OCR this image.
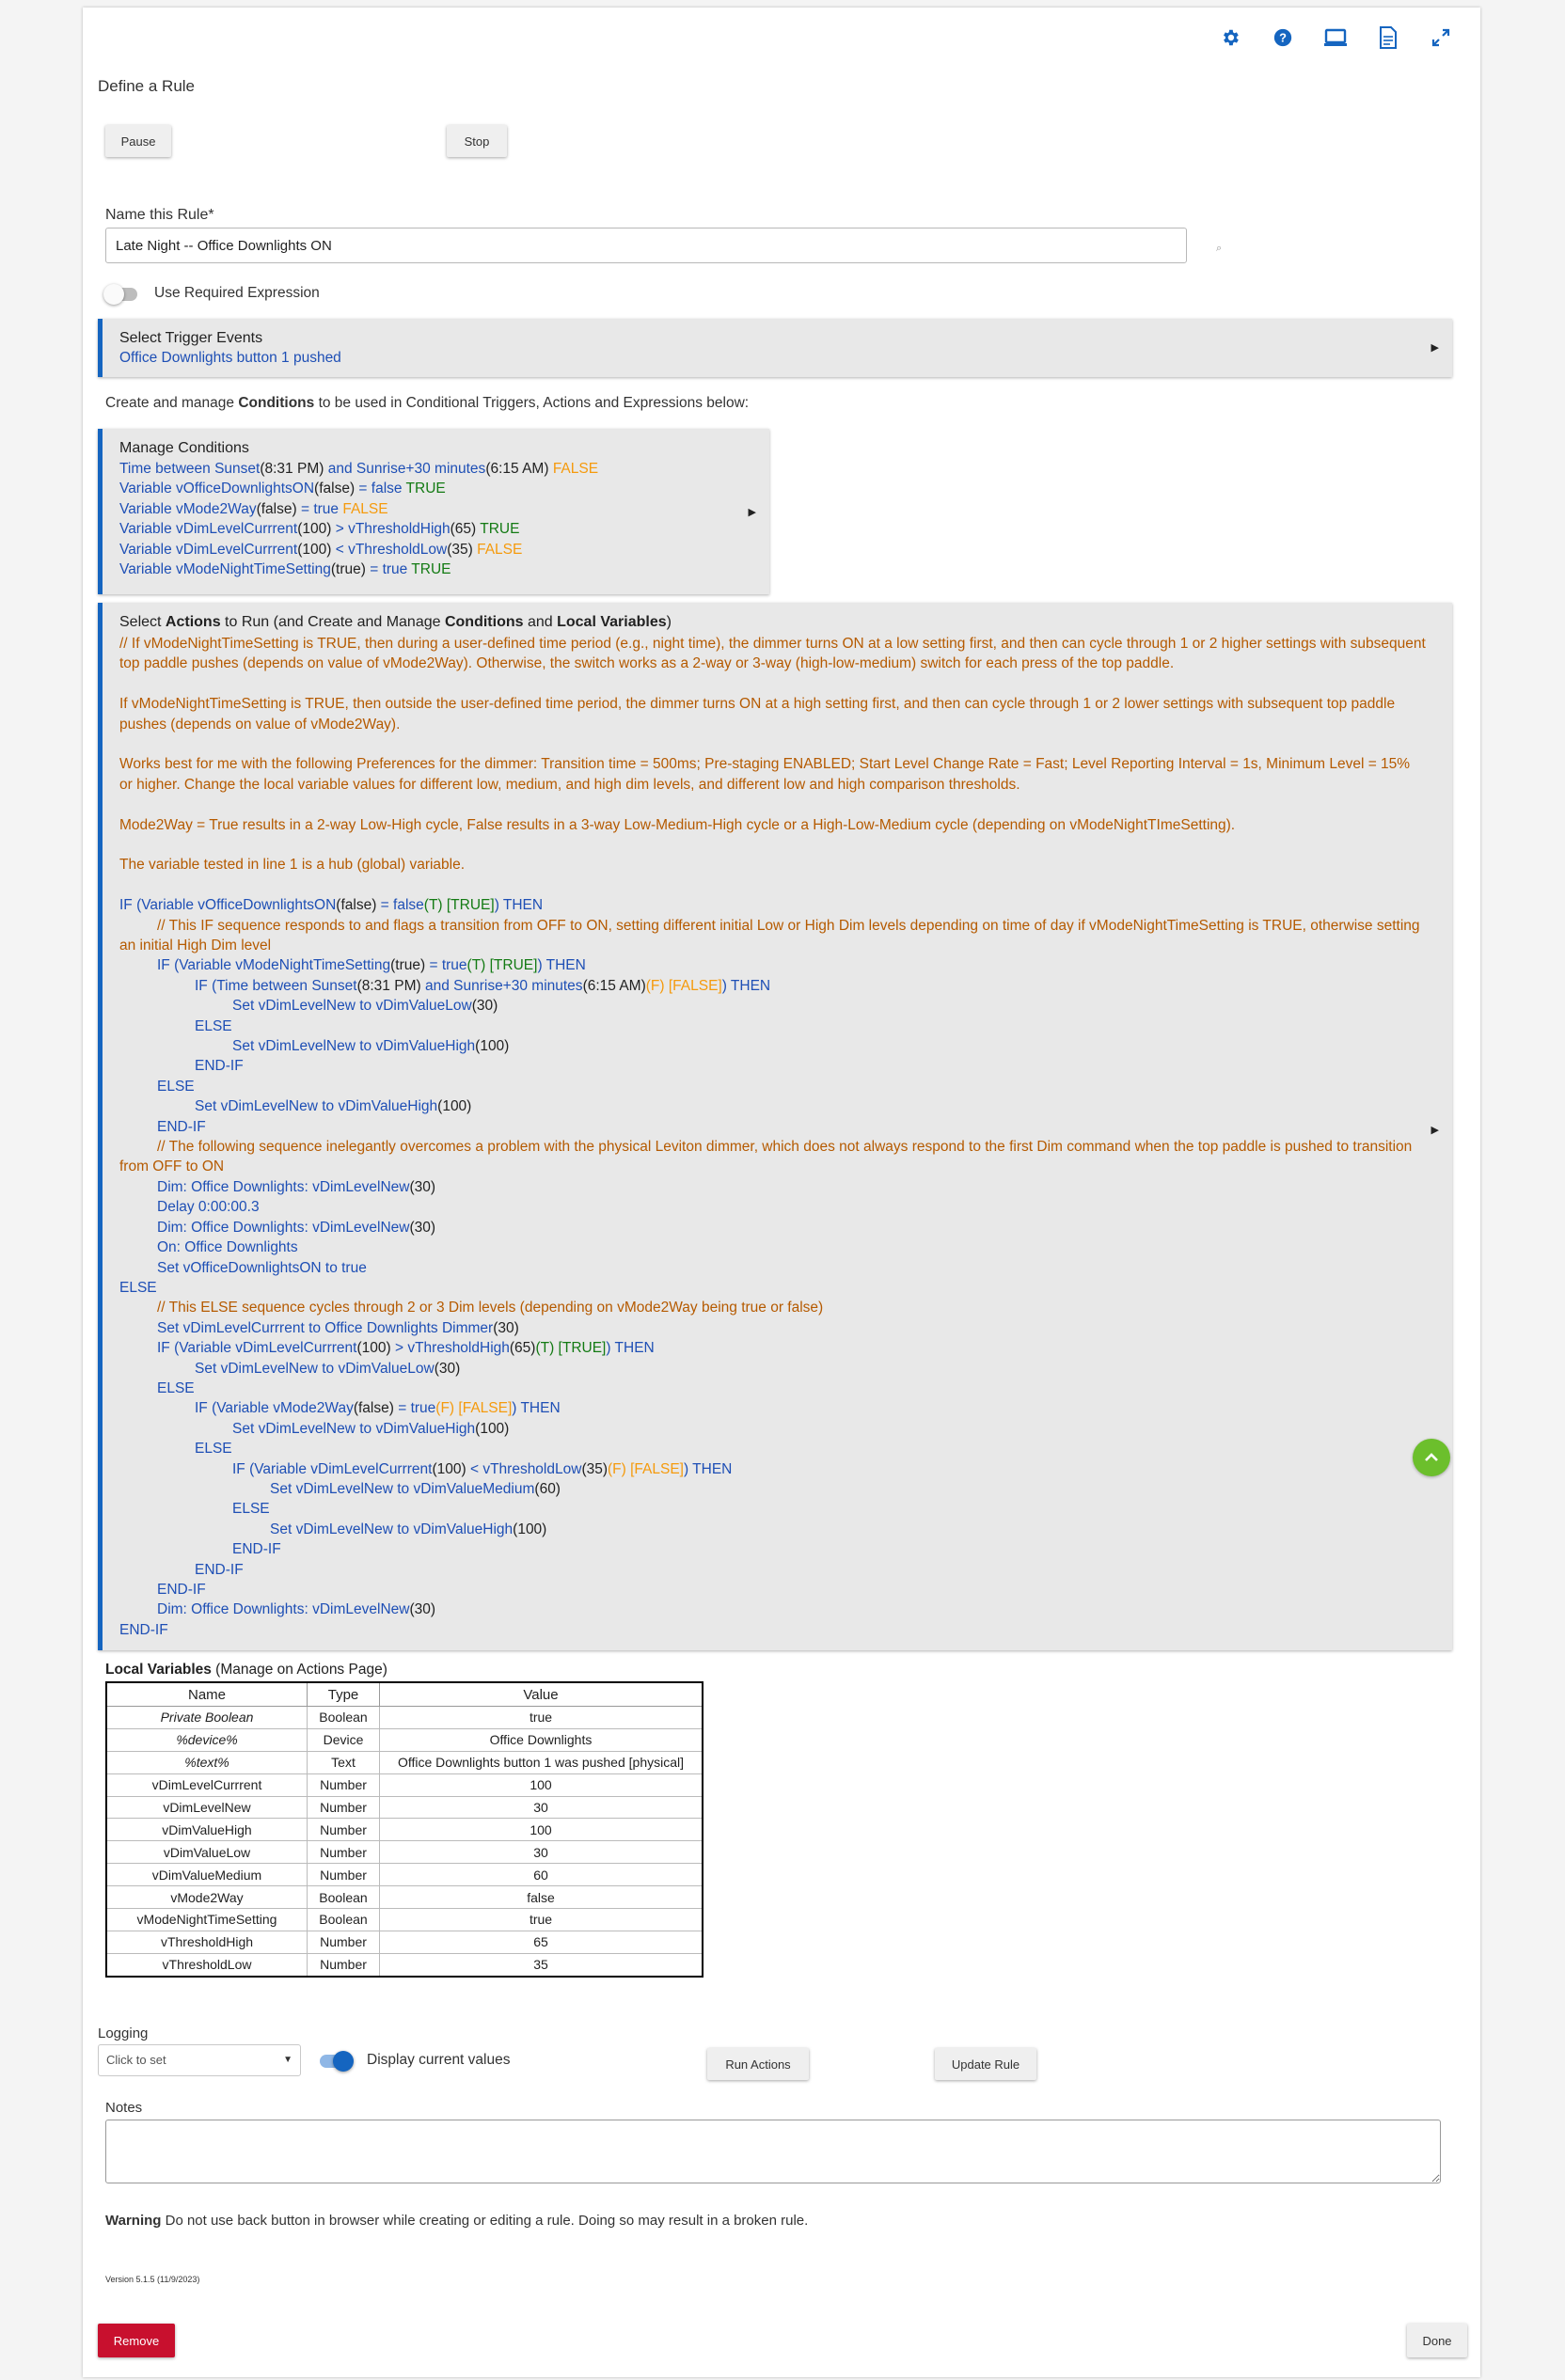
?
Define a Rule
Pause	Stop
Name this Rule*
Late Night -- Office Downlights ON
⌕
Use Required Expression
Select Trigger Events
Office Downlights button 1 pushed
▶
Create and manage Conditions to be used in Conditional Triggers, Actions and Expressions below:
Manage Conditions
Time between Sunset(8:31 PM) and Sunrise+30 minutes(6:15 AM) FALSE
Variable vOfficeDownlightsON(false) = false TRUE
Variable vMode2Way(false) = true FALSE
Variable vDimLevelCurrrent(100) > vThresholdHigh(65) TRUE
Variable vDimLevelCurrrent(100) < vThresholdLow(35) FALSE
Variable vModeNightTimeSetting(true) = true TRUE
▶
Select Actions to Run (and Create and Manage Conditions and Local Variables)
// If vModeNightTimeSetting is TRUE, then during a user-defined time period (e.g., night time), the dimmer turns ON at a low setting first, and then can cycle through 1 or 2 higher settings with subsequent top paddle pushes (depends on value of vMode2Way). Otherwise, the switch works as a 2-way or 3-way (high-low-medium) switch for each press of the top paddle.
If vModeNightTimeSetting is TRUE, then outside the user-defined time period, the dimmer turns ON at a high setting first, and then can cycle through 1 or 2 lower settings with subsequent top paddle pushes (depends on value of vMode2Way).
Works best for me with the following Preferences for the dimmer: Transition time = 500ms; Pre-staging ENABLED; Start Level Change Rate = Fast; Level Reporting Interval = 1s, Minimum Level = 15% or higher. Change the local variable values for different low, medium, and high dim levels, and different low and high comparison thresholds.
Mode2Way = True results in a 2-way Low-High cycle, False results in a 3-way Low-Medium-High cycle or a High-Low-Medium cycle (depending on vModeNightTImeSetting).
The variable tested in line 1 is a hub (global) variable.
IF (Variable vOfficeDownlightsON(false) = false(T) [TRUE]) THEN
// This IF sequence responds to and flags a transition from OFF to ON, setting different initial Low or High Dim levels depending on time of day if vModeNightTimeSetting is TRUE, otherwise setting an initial High Dim level
IF (Variable vModeNightTimeSetting(true) = true(T) [TRUE]) THEN
IF (Time between Sunset(8:31 PM) and Sunrise+30 minutes(6:15 AM)(F) [FALSE]) THEN
Set vDimLevelNew to vDimValueLow(30)
ELSE
Set vDimLevelNew to vDimValueHigh(100)
END-IF
ELSE
Set vDimLevelNew to vDimValueHigh(100)
END-IF
// The following sequence inelegantly overcomes a problem with the physical Leviton dimmer, which does not always respond to the first Dim command when the top paddle is pushed to transition from OFF to ON
Dim: Office Downlights: vDimLevelNew(30)
Delay 0:00:00.3
Dim: Office Downlights: vDimLevelNew(30)
On: Office Downlights
Set vOfficeDownlightsON to true
ELSE
// This ELSE sequence cycles through 2 or 3 Dim levels (depending on vMode2Way being true or false)
Set vDimLevelCurrrent to Office Downlights Dimmer(30)
IF (Variable vDimLevelCurrrent(100) > vThresholdHigh(65)(T) [TRUE]) THEN
Set vDimLevelNew to vDimValueLow(30)
ELSE
IF (Variable vMode2Way(false) = true(F) [FALSE]) THEN
Set vDimLevelNew to vDimValueHigh(100)
ELSE
IF (Variable vDimLevelCurrrent(100) < vThresholdLow(35)(F) [FALSE]) THEN
Set vDimLevelNew to vDimValueMedium(60)
ELSE
Set vDimLevelNew to vDimValueHigh(100)
END-IF
END-IF
END-IF
Dim: Office Downlights: vDimLevelNew(30)
END-IF
▶
Local Variables (Manage on Actions Page)
Name	Type	Value
Private Boolean	Boolean	true
%device%	Device	Office Downlights
%text%	Text	Office Downlights button 1 was pushed [physical]
vDimLevelCurrrent	Number	100
vDimLevelNew	Number	30
vDimValueHigh	Number	100
vDimValueLow	Number	30
vDimValueMedium	Number	60
vMode2Way	Boolean	false
vModeNightTimeSetting	Boolean	true
vThresholdHigh	Number	65
vThresholdLow	Number	35
Logging
Click to set	▼	Display current values	Run Actions	Update Rule
Notes
Warning Do not use back button in browser while creating or editing a rule. Doing so may result in a broken rule.
Version 5.1.5 (11/9/2023)
Remove	Done
